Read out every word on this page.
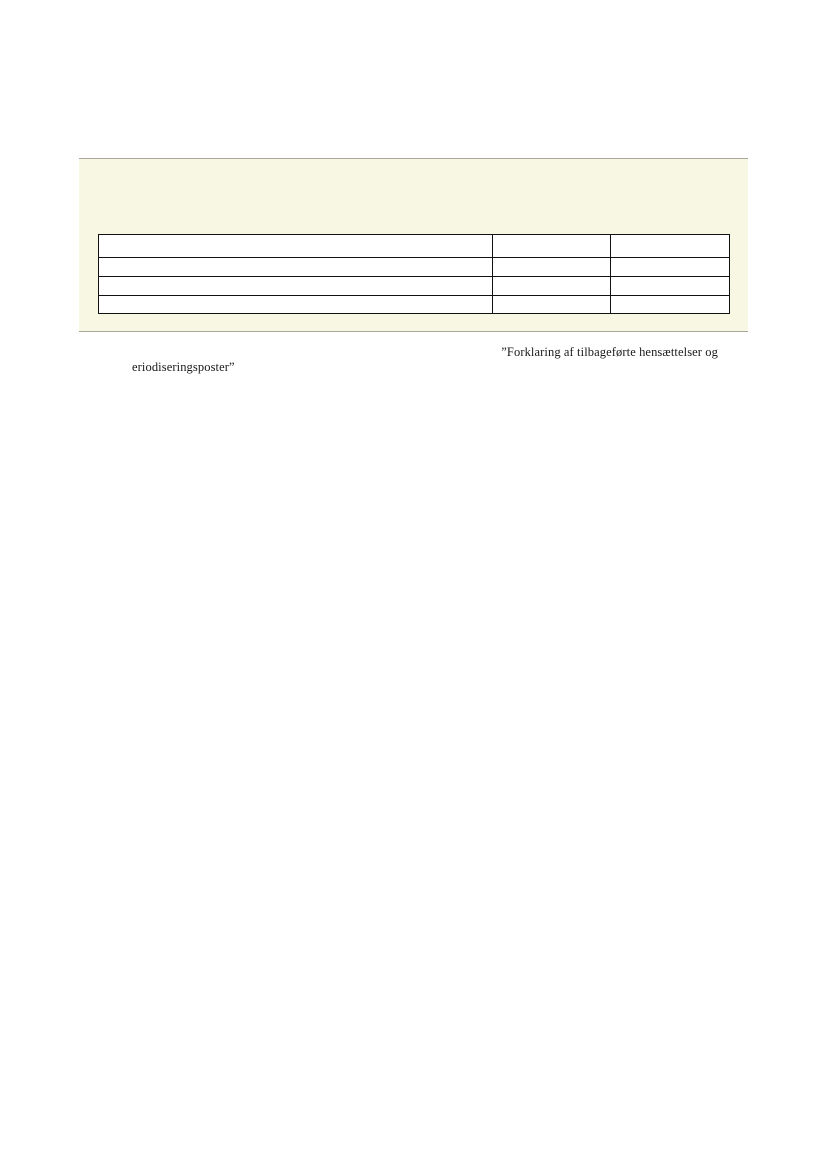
”Forklaring af tilbageførte hensættelser og
eriodiseringsposter”
